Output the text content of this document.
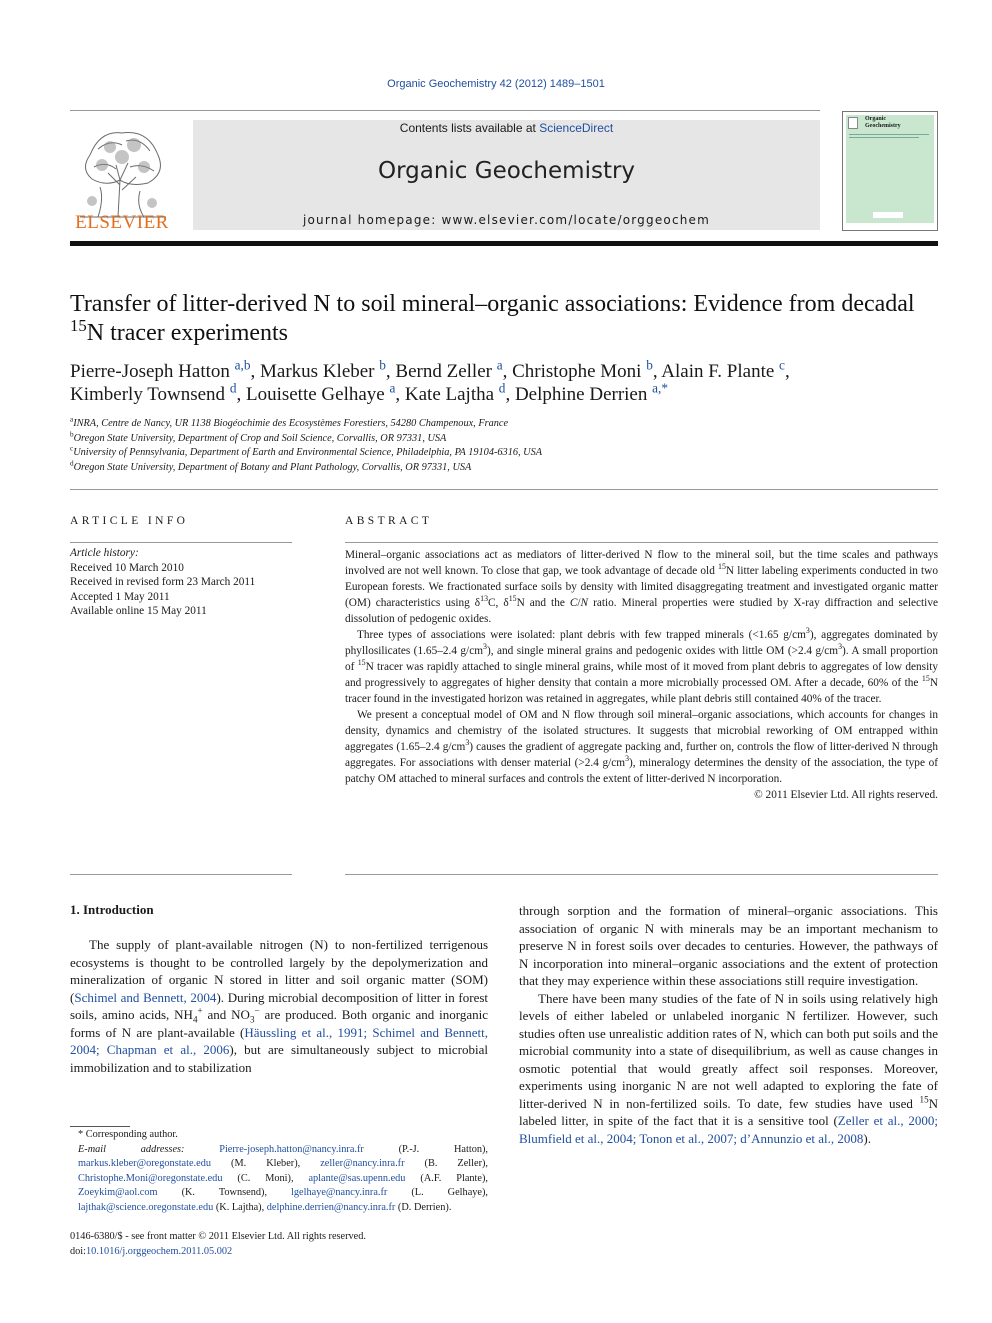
Organic Geochemistry 42 (2012) 1489–1501
ELSEVIER
Contents lists available at ScienceDirect
Organic Geochemistry
journal homepage: www.elsevier.com/locate/orggeochem
Organic
Geochemistry
Transfer of litter-derived N to soil mineral–organic associations: Evidence from decadal $^{15}$N tracer experiments
Pierre-Joseph Hatton $^{a,b}$, Markus Kleber $^b$, Bernd Zeller $^a$, Christophe Moni $^b$, Alain F. Plante $^c$,
Kimberly Townsend $^d$, Louisette Gelhaye $^a$, Kate Lajtha $^d$, Delphine Derrien $^{a,*}$
$^a$INRA, Centre de Nancy, UR 1138 Biogéochimie des Ecosystèmes Forestiers, 54280 Champenoux, France
$^b$Oregon State University, Department of Crop and Soil Science, Corvallis, OR 97331, USA
$^c$University of Pennsylvania, Department of Earth and Environmental Science, Philadelphia, PA 19104-6316, USA
$^d$Oregon State University, Department of Botany and Plant Pathology, Corvallis, OR 97331, USA
ARTICLE INFO
Article history:
Received 10 March 2010
Received in revised form 23 March 2011
Accepted 1 May 2011
Available online 15 May 2011
ABSTRACT

Mineral–organic associations act as mediators of litter-derived N flow to the mineral soil, but the time scales and pathways involved are not well known. To close that gap, we took advantage of decade old $^{15}$N litter labeling experiments conducted in two European forests. We fractionated surface soils by density with limited disaggregating treatment and investigated organic matter (OM) characteristics using $\delta^{13}C$, $\delta^{15}N$ and the C/N ratio. Mineral properties were studied by X-ray diffraction and selective dissolution of pedogenic oxides.

Three types of associations were isolated: plant debris with few trapped minerals (<1.65 $g/cm^3$), aggregates dominated by phyllosilicates (1.65–2.4 $g/cm^3$), and single mineral grains and pedogenic oxides with little OM (>2.4 $g/cm^3$). A small proportion of $^{15}$N tracer was rapidly attached to single mineral grains, while most of it moved from plant debris to aggregates of low density and progressively to aggregates of higher density that contain a more microbially processed OM. After a decade, 60% of the $^{15}$N tracer found in the investigated horizon was retained in aggregates, while plant debris still contained 40% of the tracer.

We present a conceptual model of OM and N flow through soil mineral–organic associations, which accounts for changes in density, dynamics and chemistry of the isolated structures. It suggests that microbial reworking of OM entrapped within aggregates (1.65–2.4 $g/cm^3$) causes the gradient of aggregate packing and, further on, controls the flow of litter-derived N through aggregates. For associations with denser material (>2.4 $g/cm^3$), mineralogy determines the density of the association, the type of patchy OM attached to mineral surfaces and controls the extent of litter-derived N incorporation.

© 2011 Elsevier Ltd. All rights reserved.
1. Introduction

The supply of plant-available nitrogen (N) to non-fertilized terrigenous ecosystems is thought to be controlled largely by the depolymerization and mineralization of organic N stored in litter and soil organic matter (SOM) (Schimel and Bennett, 2004). During microbial decomposition of litter in forest soils, amino acids, $NH_4^+$ and $NO_3^-$ are produced. Both organic and inorganic forms of N are plant-available (Häussling et al., 1991; Schimel and Bennett, 2004; Chapman et al., 2006), but are simultaneously subject to microbial immobilization and to stabilization

through sorption and the formation of mineral–organic associations. This association of organic N with minerals may be an important mechanism to preserve N in forest soils over decades to centuries. However, the pathways of N incorporation into mineral–organic associations and the extent of protection that they may experience within these associations still require investigation.

There have been many studies of the fate of N in soils using relatively high levels of either labeled or unlabeled inorganic N fertilizer. However, such studies often use unrealistic addition rates of N, which can both put soils and the microbial community into a state of disequilibrium, as well as cause changes in osmotic potential that would greatly affect soil responses. Moreover, experiments using inorganic N are not well adapted to exploring the fate of litter-derived N in non-fertilized soils. To date, few studies have used $^{15}$N labeled litter, in spite of the fact that it is a sensitive tool (Zeller et al., 2000; Blumfield et al., 2004; Tonon et al., 2007; d’Annunzio et al., 2008).

* Corresponding author.
E-mail addresses:	Pierre-joseph.hatton@nancy.inra.fr (P.-J. Hatton), markus.kleber@oregonstate.edu (M. Kleber), zeller@nancy.inra.fr (B. Zeller), Christophe.Moni@oregonstate.edu (C. Moni), aplante@sas.upenn.edu (A.F. Plante), Zoeykim@aol.com (K. Townsend), lgelhaye@nancy.inra.fr (L. Gelhaye), lajthak@science.oregonstate.edu (K. Lajtha), delphine.derrien@nancy.inra.fr (D. Derrien).
0146-6380/$ - see front matter © 2011 Elsevier Ltd. All rights reserved.
doi:10.1016/j.orggeochem.2011.05.002
